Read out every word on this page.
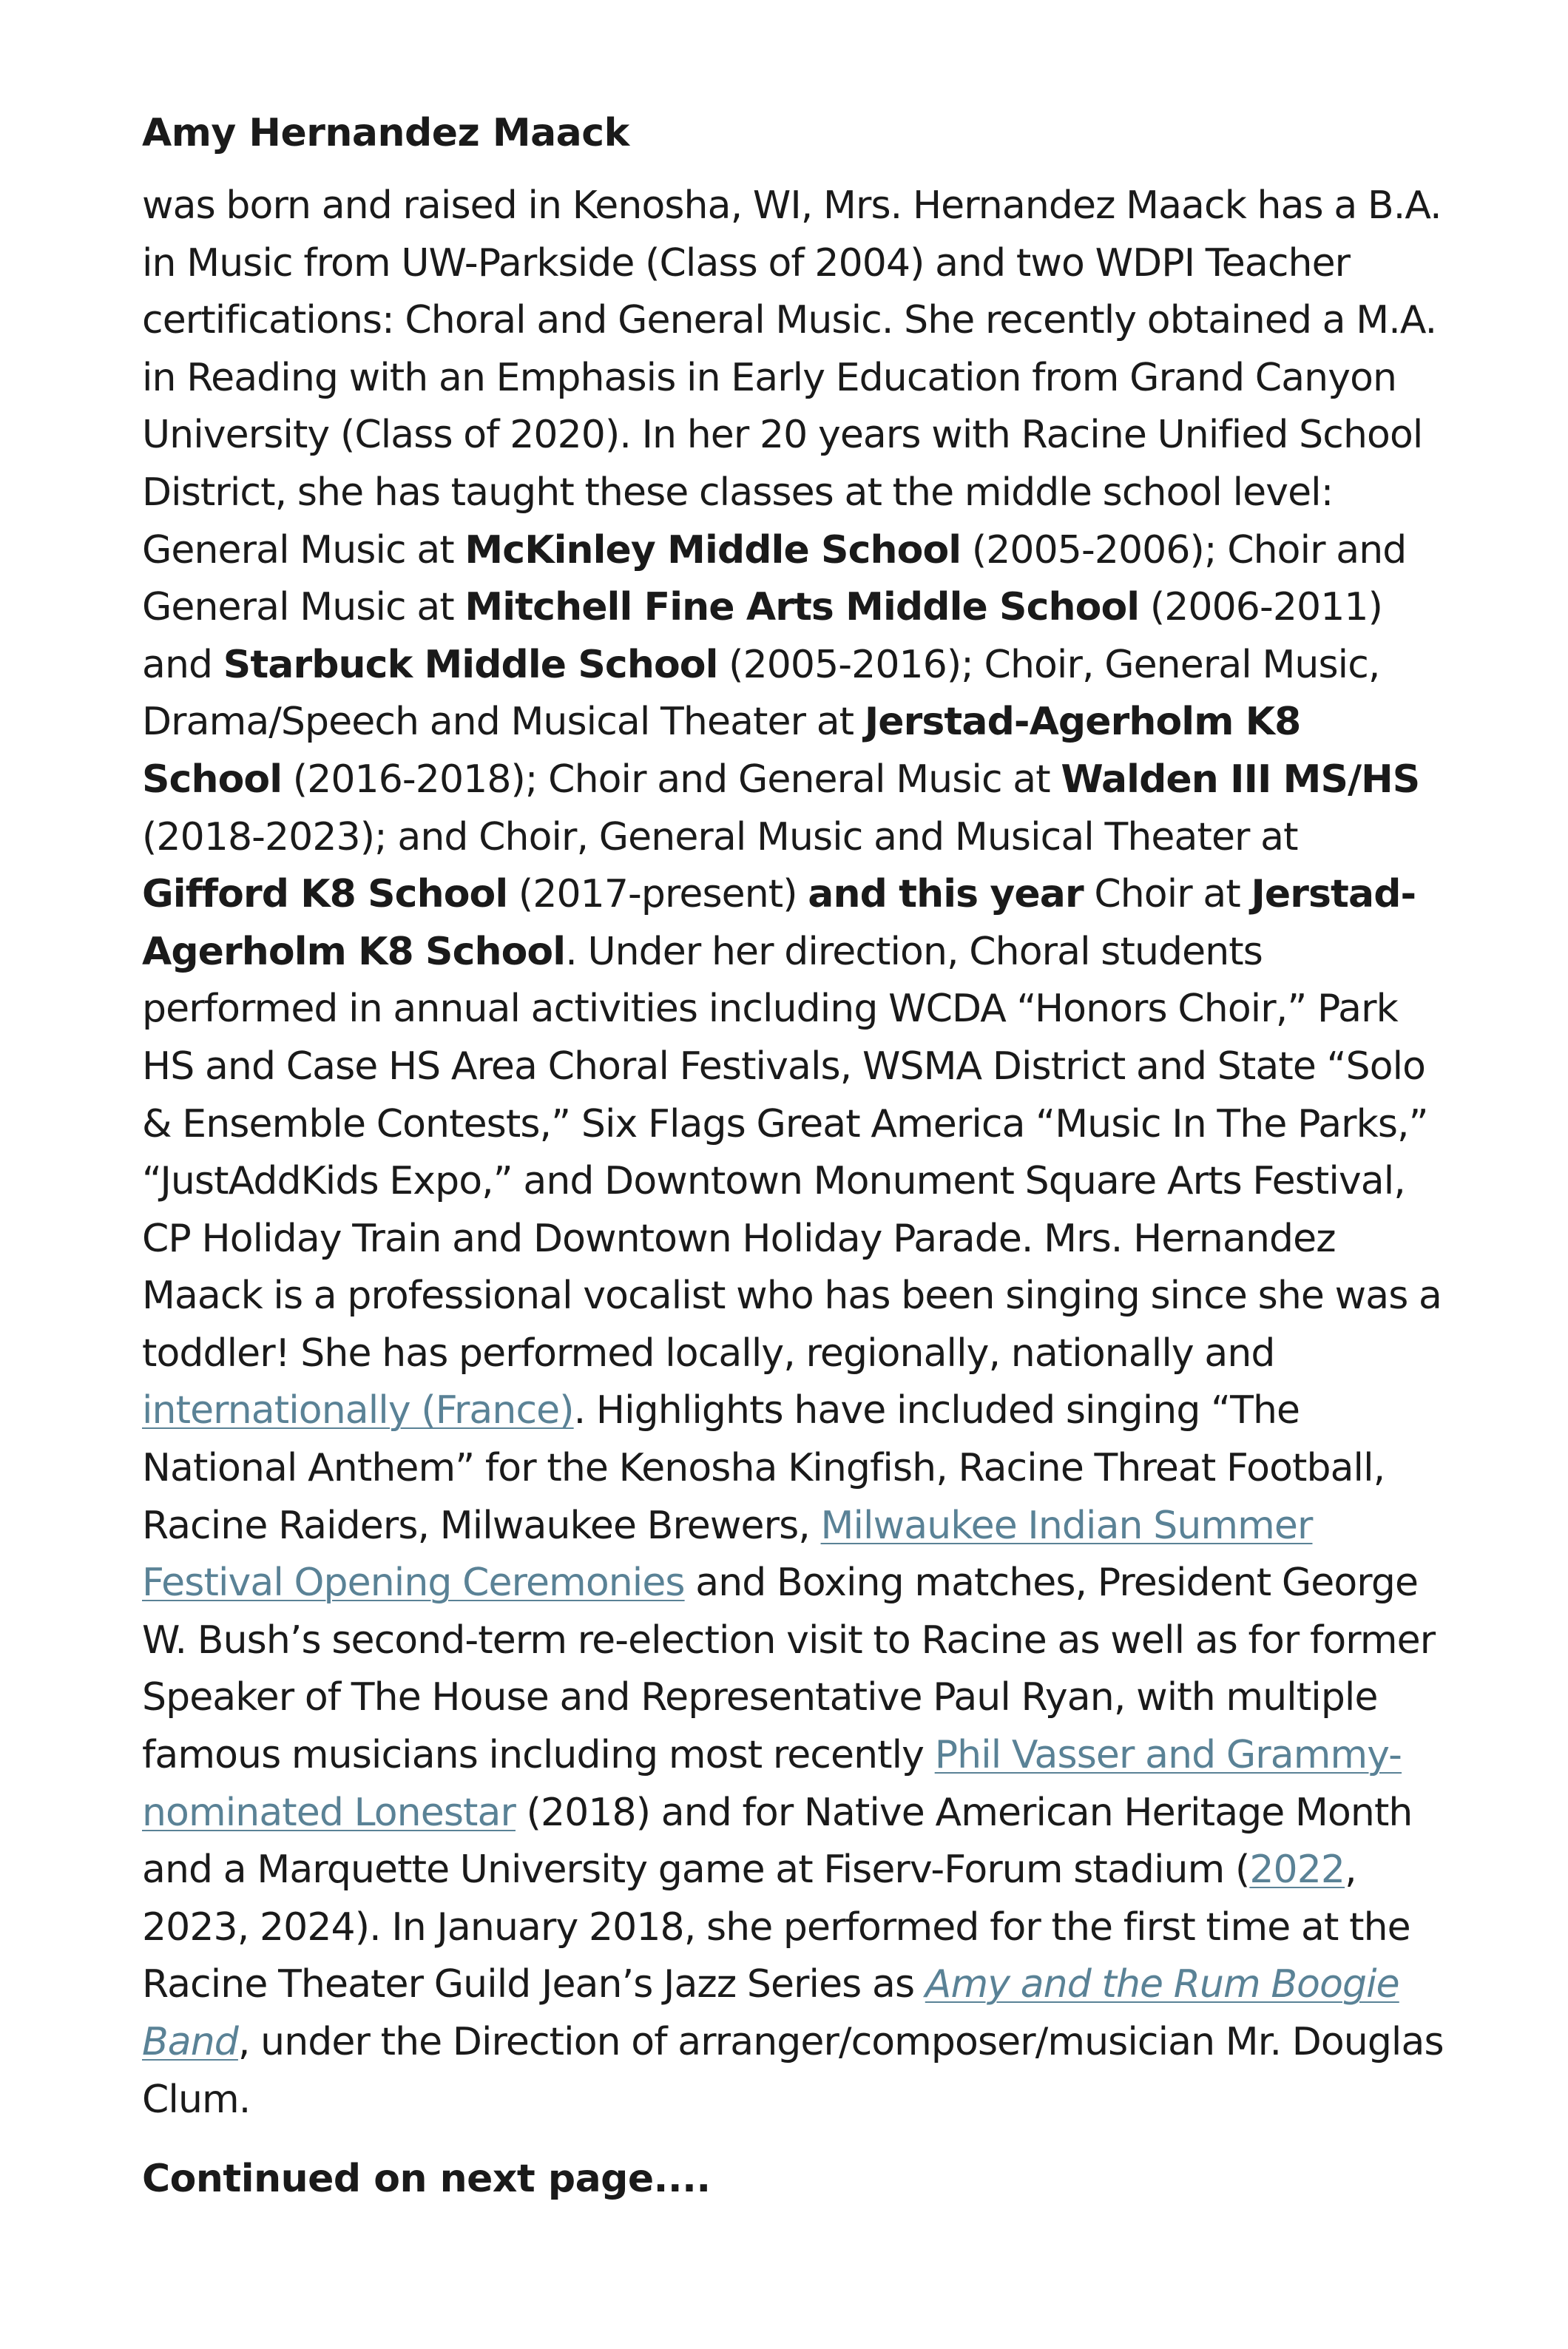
Amy Hernandez Maack

was born and raised in Kenosha, WI, Mrs. Hernandez Maack has a B.A. in Music from UW-Parkside (Class of 2004) and two WDPI Teacher certifications: Choral and General Music. She recently obtained a M.A. in Reading with an Emphasis in Early Education from Grand Canyon University (Class of 2020). In her 20 years with Racine Unified School District, she has taught these classes at the middle school level: General Music at McKinley Middle School (2005-2006); Choir and General Music at Mitchell Fine Arts Middle School (2006-2011) and Starbuck Middle School (2005-2016); Choir, General Music, Drama/Speech and Musical Theater at Jerstad-Agerholm K8 School (2016-2018); Choir and General Music at Walden III MS/HS (2018-2023); and Choir, General Music and Musical Theater at Gifford K8 School (2017-present) and this year Choir at Jerstad-Agerholm K8 School. Under her direction, Choral students performed in annual activities including WCDA “Honors Choir,” Park HS and Case HS Area Choral Festivals, WSMA District and State “Solo & Ensemble Contests,” Six Flags Great America “Music In The Parks,” “JustAddKids Expo,” and Downtown Monument Square Arts Festival, CP Holiday Train and Downtown Holiday Parade. Mrs. Hernandez Maack is a professional vocalist who has been singing since she was a toddler! She has performed locally, regionally, nationally and internationally (France). Highlights have included singing “The National Anthem” for the Kenosha Kingfish, Racine Threat Football, Racine Raiders, Milwaukee Brewers, Milwaukee Indian Summer Festival Opening Ceremonies and Boxing matches, President George W. Bush’s second-term re-election visit to Racine as well as for former Speaker of The House and Representative Paul Ryan, with multiple famous musicians including most recently Phil Vasser and Grammy-nominated Lonestar (2018) and for Native American Heritage Month and a Marquette University game at Fiserv-Forum stadium (2022, 2023, 2024). In January 2018, she performed for the first time at the Racine Theater Guild Jean’s Jazz Series as Amy and the Rum Boogie Band, under the Direction of arranger/composer/musician Mr. Douglas Clum.

Continued on next page....
